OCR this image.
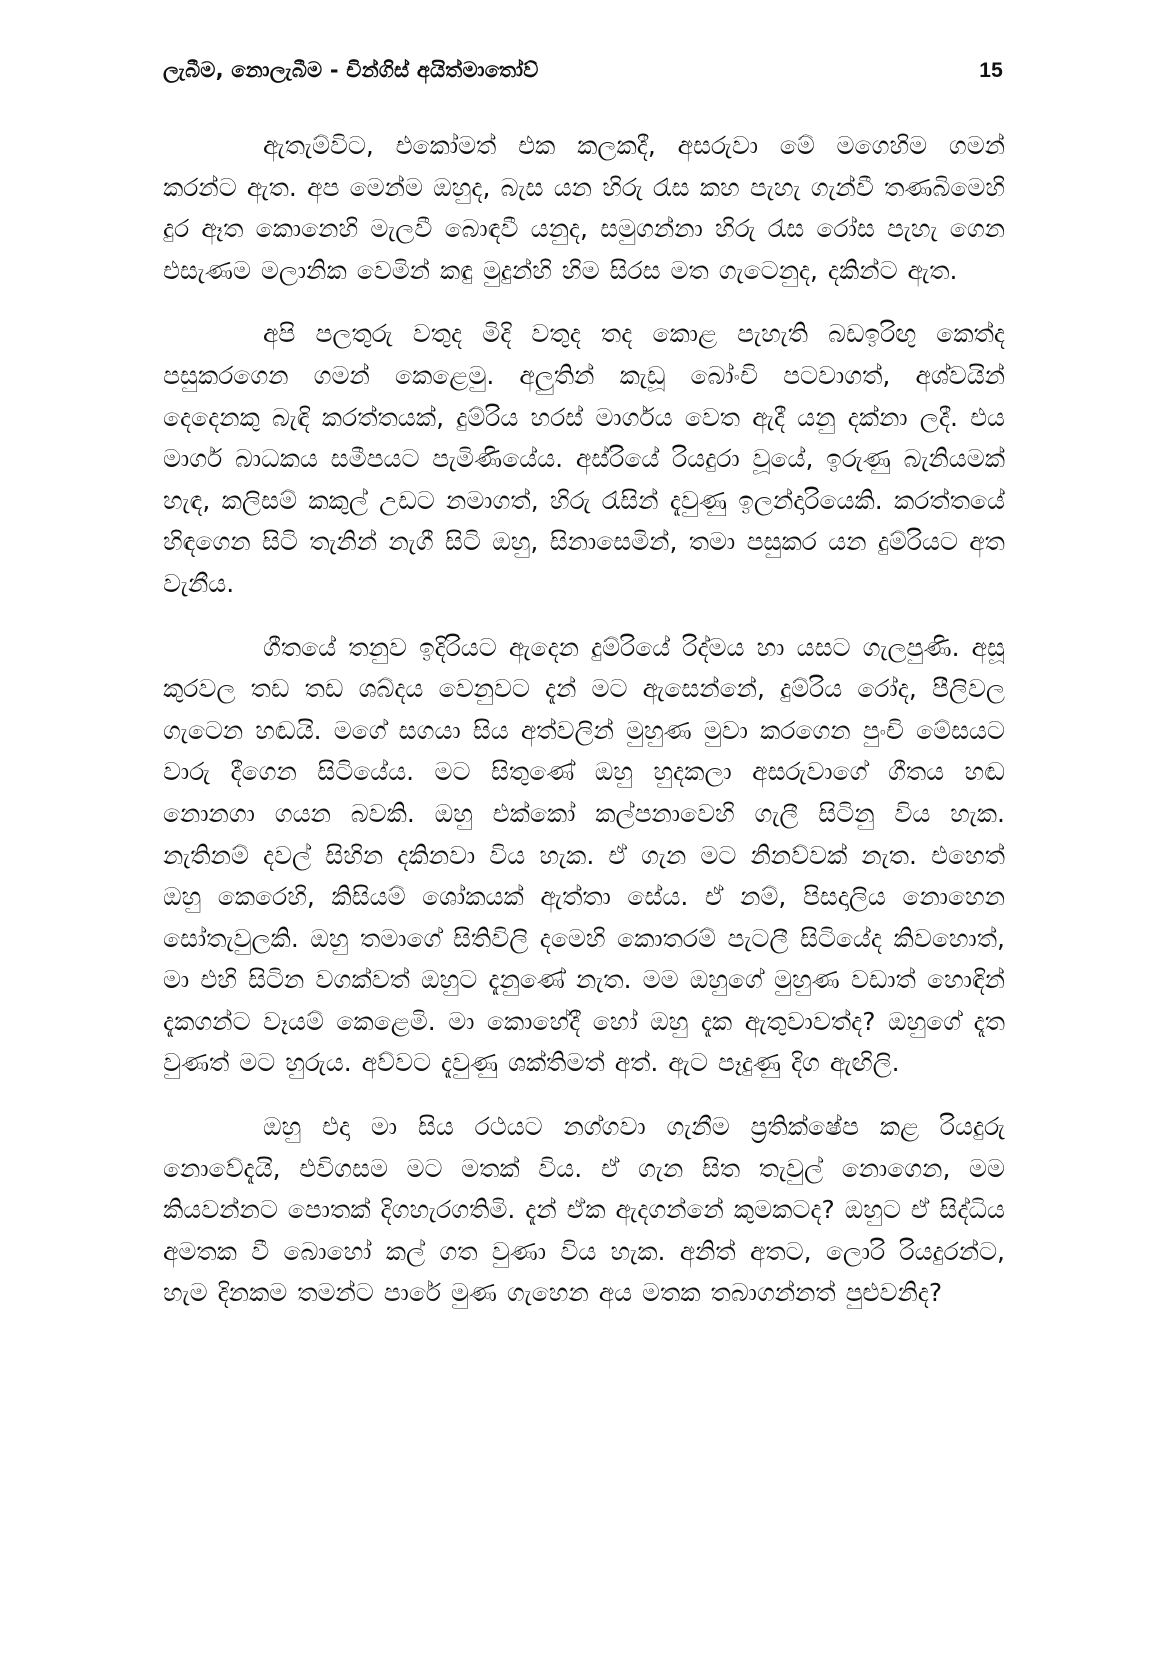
ලැබීම, නොලැබීම - චින්ගිස් අයිත්මාතෝව්	15

ඇතැම්විට, එකෝමත් එක කලකදී, අසරුවා මේ මගෙහිම ගමන් කරන්ට ඇත. අප මෙන්ම ඔහුද, බැස යන හිරු රැස කහ පැහැ ගැන්වී තණබිමෙහි දුර ඈත කොනෙහි මැලවී බොඳවී යනුද, සමුගන්නා හිරු රැස රෝස පැහැ ගෙන එසැණම මලානික වෙමින් කඳු මුදුන්හි හිම සිරස මත ගැටෙනුද, දකින්ට ඇත.

අපි පලතුරු වතුද මිදි වතුද තද කොළ පැහැති බඩඉරිඟු කෙත්ද පසුකරගෙන ගමන් කෙළෙමු. අලුතින් කැඩූ බෝංචි පටවාගත්, අශ්වයින් දෙදෙනකු බැඳි කරත්තයක්, දුම්රිය හරස් මාර්ගය වෙත ඇදී යනු දක්නා ලදී. එය මාර්ග බාධකය සමීපයට පැමිණියේය. අස්රියේ රියදුරා වූයේ, ඉරුණු බැනියමක් හැඳ, කලිසම් කකුල් උඩට නමාගත්, හිරු රැසින් දැවුණු ඉලන්දාරියෙකි. කරත්තයේ හිඳගෙන සිටි තැනින් නැගී සිටි ඔහු, සිනාසෙමින්, තමා පසුකර යන දුම්රියට අත වැනීය.

ගීතයේ තනුව ඉදිරියට ඇදෙන දුම්රියේ රිද්මය හා යසට ගැලපුණි. අසූ කුරවල තඩ තඩ ශබ්දය වෙනුවට දැන් මට ඇසෙන්නේ, දුම්රිය රෝද, පීලිවල ගැටෙන හඬයි. මගේ සගයා සිය අත්වලින් මුහුණ මුවා කරගෙන පුංචි මේසයට වාරු දීගෙන සිටියේය. මට සිතුණේ ඔහු හුදකලා අසරුවාගේ ගීතය හඬ නොනගා ගයන බවකි. ඔහු එක්කෝ කල්පනාවෙහි ගැලී සිටිනු විය හැක. නැතිනම් දවල් සිහින දකිනවා විය හැක. ඒ ගැන මට නිනව්වක් නැත. එහෙත් ඔහු කෙරෙහි, කිසියම් ශෝකයක් ඇත්තා සේය. ඒ නම්, පිසදාලිය නොහෙන සෝතැවුලකි. ඔහු තමාගේ සිතිවිලි දමෙහි කොතරම් පැටලී සිටියේද කිවහොත්, මා එහි සිටින වගක්වත් ඔහුට දැනුණේ නැත. මම ඔහුගේ මුහුණ වඩාත් හොඳින් දැකගන්ට වෑයම් කෙළෙමි. මා කොහේදී හෝ ඔහු දැක ඇතුවාවත්ද? ඔහුගේ දෑත වුණත් මට හුරුය. අව්වට දැවුණු ශක්තිමත් අත්. ඇට පෑදුණු දිග ඇඟිලි.

ඔහු එදා මා සිය රථයට නග්ගවා ගැනීම ප්‍රතික්ෂේප කළ රියදුරු නොවේදැයි, එවිගසම මට මතක් විය. ඒ ගැන සිත තැවුල් නොගෙන, මම කියවන්නට පොතක් දිගහැරගතිමි. දැන් ඒක ඇදගන්නේ කුමකටද? ඔහුට ඒ සිද්ධිය අමතක වී බොහෝ කල් ගත වුණා විය හැක. අනිත් අතට, ලොරි රියදුරන්ට, හැම දිනකම තමන්ට පාරේ මුණ ගැහෙන අය මතක තබාගන්නත් පුළුවනිද?
